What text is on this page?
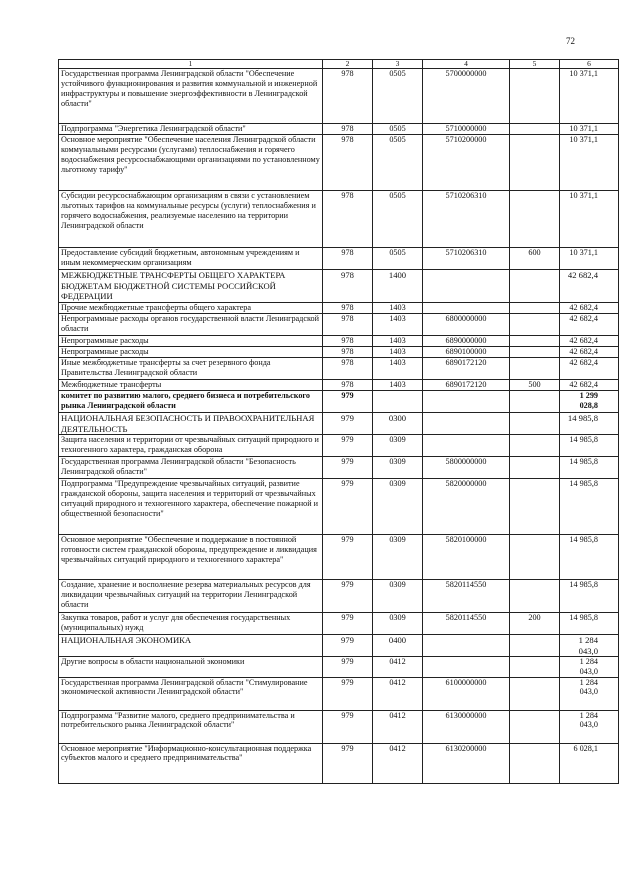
72
1	2	3	4	5	6
Государственная программа Ленинградской области "Обеспечение устойчивого функционирования и развития коммунальной и инженерной инфраструктуры и повышение энергоэффективности в Ленинградской области"	978	0505	5700000000		10 371,1
Подпрограмма "Энергетика Ленинградской области"	978	0505	5710000000		10 371,1
Основное мероприятие "Обеспечение населения Ленинградской области коммунальными ресурсами (услугами) теплоснабжения и горячего водоснабжения ресурсоснабжающими организациями по установленному льготному тарифу"	978	0505	5710200000		10 371,1
Субсидии ресурсоснабжающим организациям в связи с установлением льготных тарифов на коммунальные ресурсы (услуги) теплоснабжения и горячего водоснабжения, реализуемые населению на территории Ленинградской области	978	0505	5710206310		10 371,1
Предоставление субсидий бюджетным, автономным учреждениям и иным некоммерческим организациям	978	0505	5710206310	600	10 371,1
МЕЖБЮДЖЕТНЫЕ ТРАНСФЕРТЫ ОБЩЕГО ХАРАКТЕРА БЮДЖЕТАМ БЮДЖЕТНОЙ СИСТЕМЫ РОССИЙСКОЙ ФЕДЕРАЦИИ	978	1400			42 682,4
Прочие межбюджетные трансферты общего характера	978	1403			42 682,4
Непрограммные расходы органов государственной власти Ленинградской области	978	1403	6800000000		42 682,4
Непрограммные расходы	978	1403	6890000000		42 682,4
Непрограммные расходы	978	1403	6890100000		42 682,4
Иные межбюджетные трансферты за счет резервного фонда Правительства Ленинградской области	978	1403	6890172120		42 682,4
Межбюджетные трансферты	978	1403	6890172120	500	42 682,4
комитет по развитию малого, среднего бизнеса и потребительского рынка Ленинградской области	979				1 299 028,8
НАЦИОНАЛЬНАЯ БЕЗОПАСНОСТЬ И ПРАВООХРАНИТЕЛЬНАЯ ДЕЯТЕЛЬНОСТЬ	979	0300			14 985,8
Защита населения и территории от чрезвычайных ситуаций природного и техногенного характера, гражданская оборона	979	0309			14 985,8
Государственная программа Ленинградской области "Безопасность Ленинградской области"	979	0309	5800000000		14 985,8
Подпрограмма "Предупреждение чрезвычайных ситуаций, развитие гражданской обороны, защита населения и территорий от чрезвычайных ситуаций природного и техногенного характера, обеспечение пожарной и общественной безопасности"	979	0309	5820000000		14 985,8
Основное мероприятие "Обеспечение и поддержание в постоянной готовности систем гражданской обороны, предупреждение и ликвидация чрезвычайных ситуаций природного и техногенного характера"	979	0309	5820100000		14 985,8
Создание, хранение и восполнение резерва материальных ресурсов для ликвидации чрезвычайных ситуаций на территории Ленинградской области	979	0309	5820114550		14 985,8
Закупка товаров, работ и услуг для обеспечения государственных (муниципальных) нужд	979	0309	5820114550	200	14 985,8
НАЦИОНАЛЬНАЯ ЭКОНОМИКА	979	0400			1 284 043,0
Другие вопросы в области национальной экономики	979	0412			1 284 043,0
Государственная программа Ленинградской области "Стимулирование экономической активности Ленинградской области"	979	0412	6100000000		1 284 043,0
Подпрограмма "Развитие малого, среднего предпринимательства и потребительского рынка Ленинградской области"	979	0412	6130000000		1 284 043,0
Основное мероприятие "Информационно-консультационная поддержка субъектов малого и среднего предпринимательства"	979	0412	6130200000		6 028,1
